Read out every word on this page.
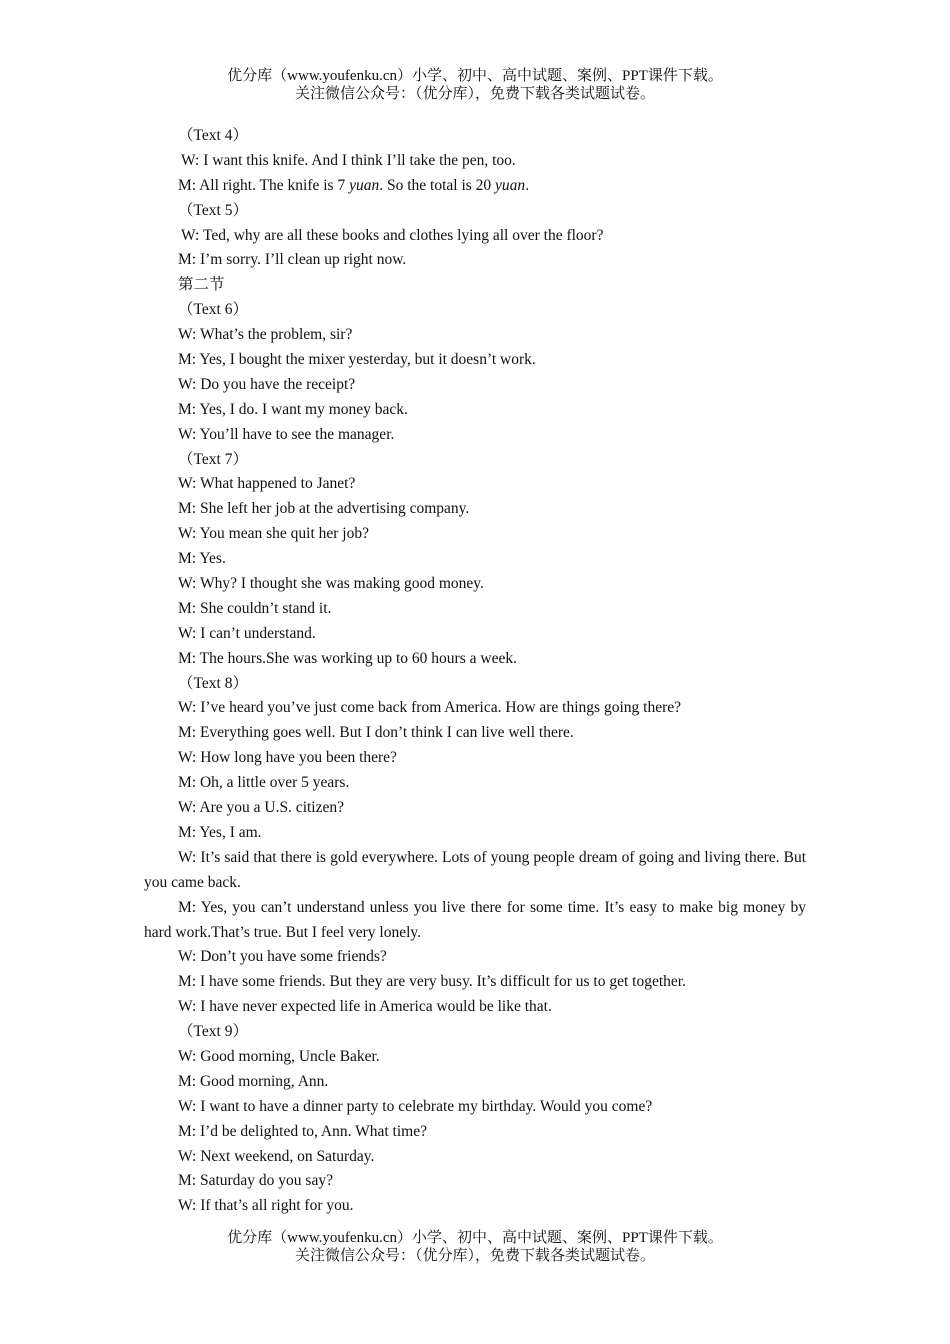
优分库（www.youfenku.cn）小学、初中、高中试题、案例、PPT课件下载。
关注微信公众号：（优分库），免费下载各类试题试卷。
（Text 4）
W: I want this knife. And I think I’ll take the pen, too.
M: All right. The knife is 7 yuan. So the total is 20 yuan.
（Text 5）
W: Ted, why are all these books and clothes lying all over the floor?
M: I’m sorry. I’ll clean up right now.
第二节
（Text 6）
W: What’s the problem, sir?
M: Yes, I bought the mixer yesterday, but it doesn’t work.
W: Do you have the receipt?
M: Yes, I do. I want my money back.
W: You’ll have to see the manager.
（Text 7）
W: What happened to Janet?
M: She left her job at the advertising company.
W: You mean she quit her job?
M: Yes.
W: Why? I thought she was making good money.
M: She couldn’t stand it.
W: I can’t understand.
M: The hours.She was working up to 60 hours a week.
（Text 8）
W: I’ve heard you’ve just come back from America. How are things going there?
M: Everything goes well. But I don’t think I can live well there.
W: How long have you been there?
M: Oh, a little over 5 years.
W: Are you a U.S. citizen?
M: Yes, I am.
W: It’s said that there is gold everywhere. Lots of young people dream of going and living there. But you came back.
M: Yes, you can’t understand unless you live there for some time. It’s easy to make big money by hard work.That’s true. But I feel very lonely.
W: Don’t you have some friends?
M: I have some friends. But they are very busy. It’s difficult for us to get together.
W: I have never expected life in America would be like that.
（Text 9）
W: Good morning, Uncle Baker.
M: Good morning, Ann.
W: I want to have a dinner party to celebrate my birthday. Would you come?
M: I’d be delighted to, Ann. What time?
W: Next weekend, on Saturday.
M: Saturday do you say?
W: If that’s all right for you.
优分库（www.youfenku.cn）小学、初中、高中试题、案例、PPT课件下载。
关注微信公众号：（优分库），免费下载各类试题试卷。
